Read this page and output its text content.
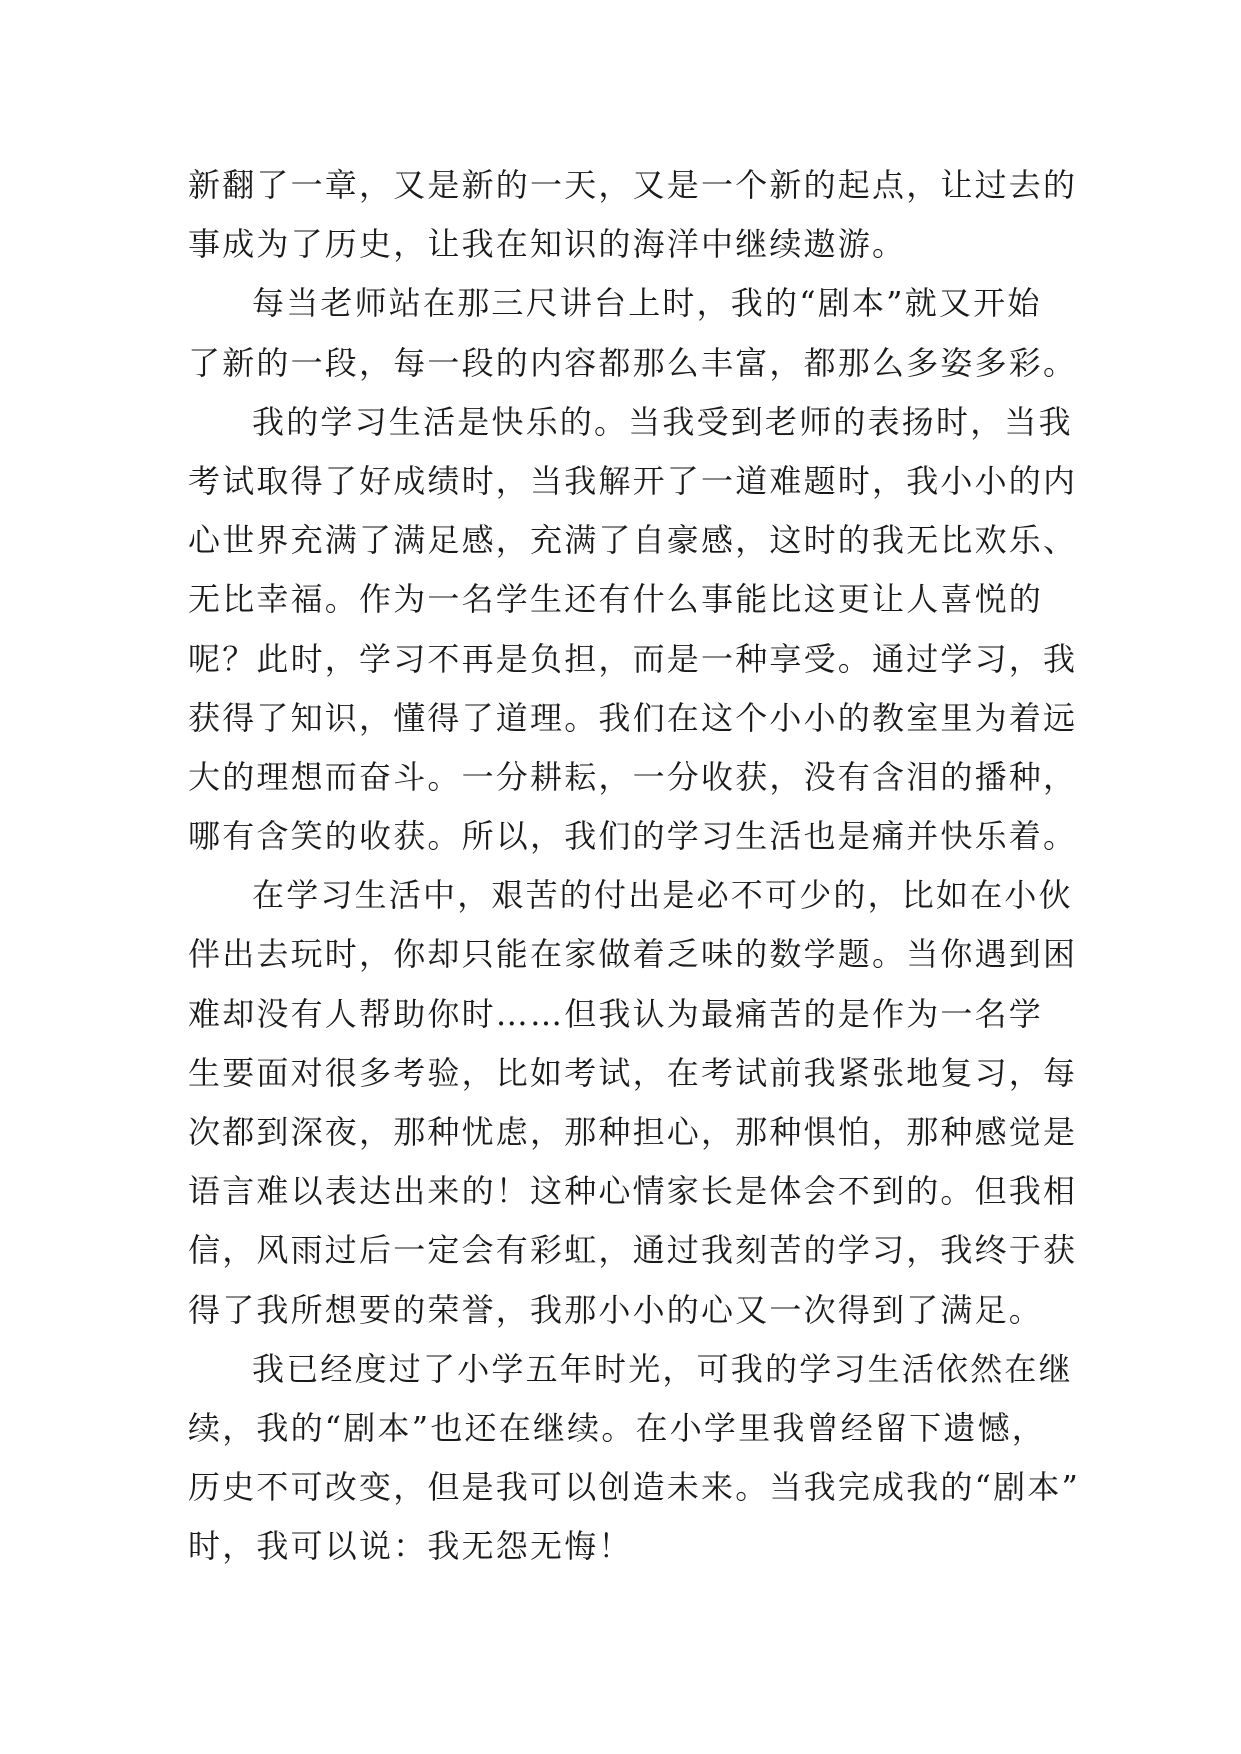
新翻了一章，又是新的一天，又是一个新的起点，让过去的
事成为了历史，让我在知识的海洋中继续遨游。
每当老师站在那三尺讲台上时，我的“剧本”就又开始
了新的一段，每一段的内容都那么丰富，都那么多姿多彩。
我的学习生活是快乐的。当我受到老师的表扬时，当我
考试取得了好成绩时，当我解开了一道难题时，我小小的内
心世界充满了满足感，充满了自豪感，这时的我无比欢乐、
无比幸福。作为一名学生还有什么事能比这更让人喜悦的
呢？此时，学习不再是负担，而是一种享受。通过学习，我
获得了知识，懂得了道理。我们在这个小小的教室里为着远
大的理想而奋斗。一分耕耘，一分收获，没有含泪的播种，
哪有含笑的收获。所以，我们的学习生活也是痛并快乐着。
在学习生活中，艰苦的付出是必不可少的，比如在小伙
伴出去玩时，你却只能在家做着乏味的数学题。当你遇到困
难却没有人帮助你时……但我认为最痛苦的是作为一名学
生要面对很多考验，比如考试，在考试前我紧张地复习，每
次都到深夜，那种忧虑，那种担心，那种惧怕，那种感觉是
语言难以表达出来的！这种心情家长是体会不到的。但我相
信，风雨过后一定会有彩虹，通过我刻苦的学习，我终于获
得了我所想要的荣誉，我那小小的心又一次得到了满足。
我已经度过了小学五年时光，可我的学习生活依然在继
续，我的“剧本”也还在继续。在小学里我曾经留下遗憾，
历史不可改变，但是我可以创造未来。当我完成我的“剧本”
时，我可以说：我无怨无悔！
